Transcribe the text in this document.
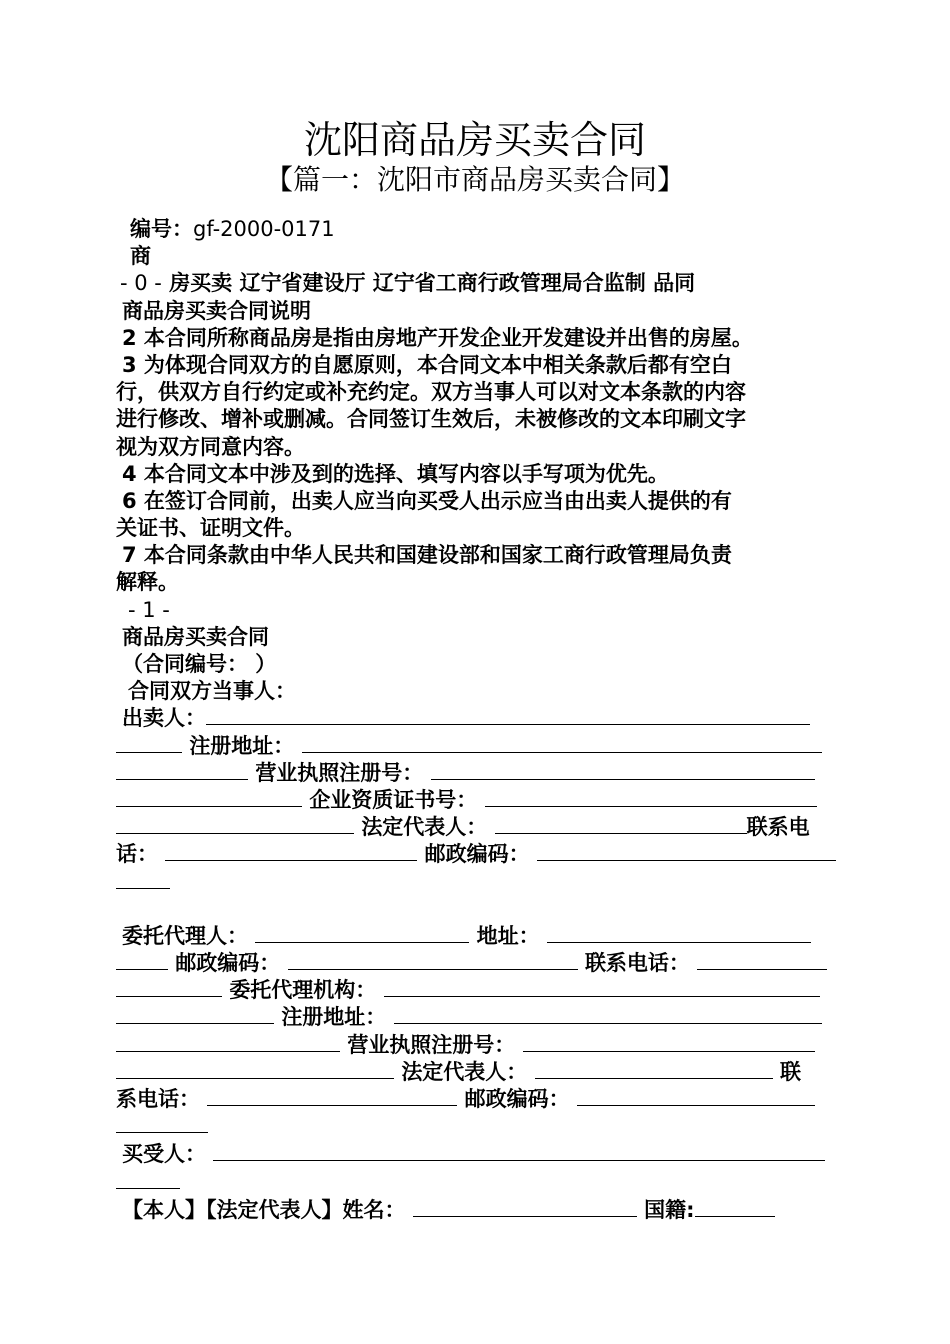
沈阳商品房买卖合同
【篇一：沈阳市商品房买卖合同】
编号：gf-2000-0171
商
- 0 - 房买卖 辽宁省建设厅 辽宁省工商行政管理局合监制 品同
商品房买卖合同说明
2 本合同所称商品房是指由房地产开发企业开发建设并出售的房屋。
3 为体现合同双方的自愿原则，本合同文本中相关条款后都有空白
行，供双方自行约定或补充约定。双方当事人可以对文本条款的内容
进行修改、增补或删减。合同签订生效后，未被修改的文本印刷文字
视为双方同意内容。
4 本合同文本中涉及到的选择、填写内容以手写项为优先。
6 在签订合同前，出卖人应当向买受人出示应当由出卖人提供的有
关证书、证明文件。
7 本合同条款由中华人民共和国建设部和国家工商行政管理局负责
解释。
- 1 -
商品房买卖合同
（合同编号： ）
合同双方当事人：
出卖人：
注册地址：
营业执照注册号：
企业资质证书号：
法定代表人：	联系电
话：	邮政编码：
委托代理人：	地址：
邮政编码：	联系电话：
委托代理机构：
注册地址：
营业执照注册号：
法定代表人：	联
系电话：	邮政编码：
买受人：
【本人】【法定代表人】姓名：	国籍:
